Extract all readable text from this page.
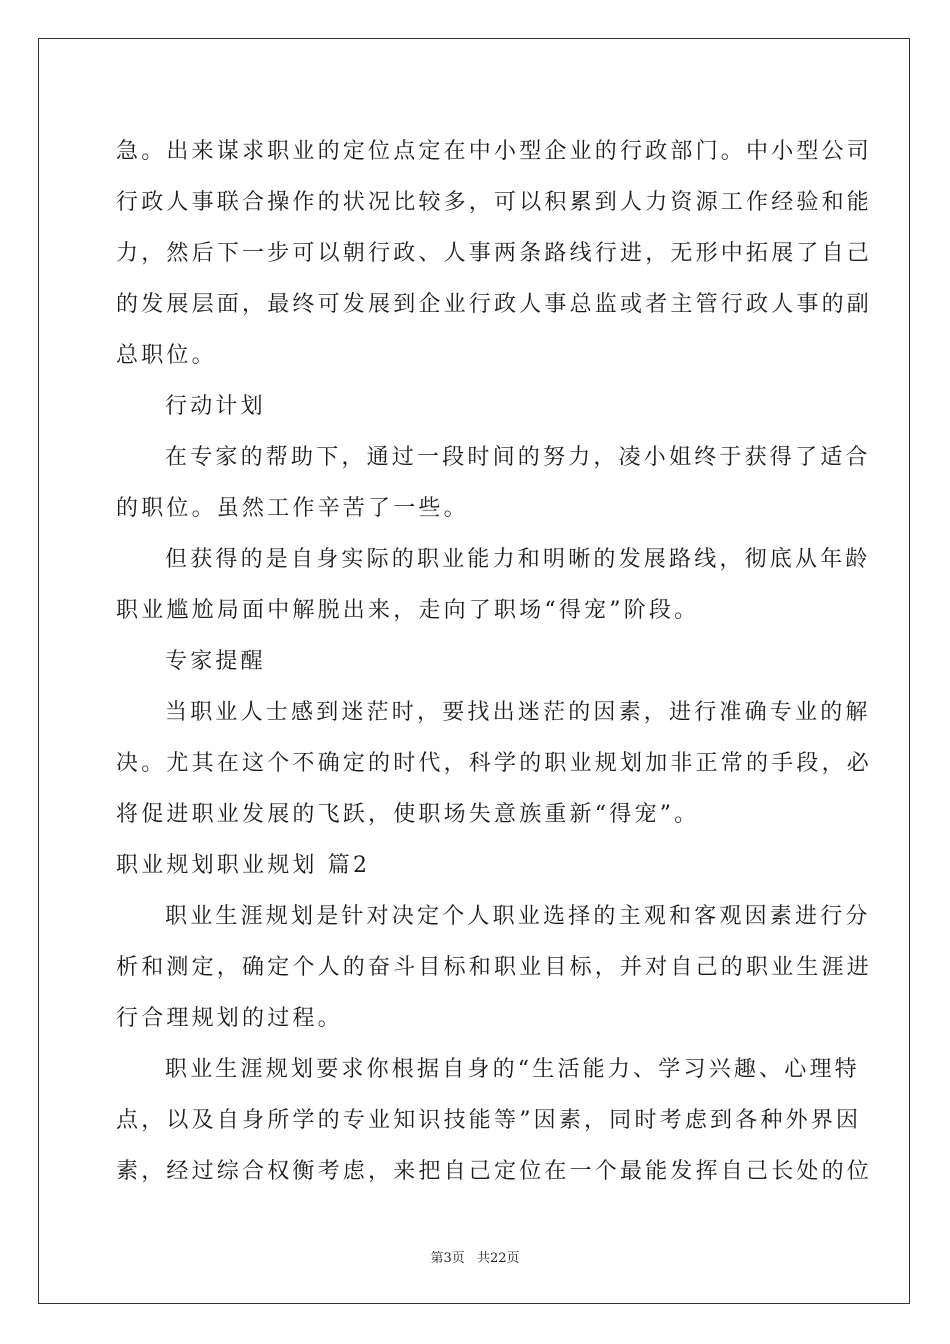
急。出来谋求职业的定位点定在中小型企业的行政部门。中小型公司
行政人事联合操作的状况比较多，可以积累到人力资源工作经验和能
力，然后下一步可以朝行政、人事两条路线行进，无形中拓展了自己
的发展层面，最终可发展到企业行政人事总监或者主管行政人事的副
总职位。
行动计划
在专家的帮助下，通过一段时间的努力，凌小姐终于获得了适合
的职位。虽然工作辛苦了一些。
但获得的是自身实际的职业能力和明晰的发展路线，彻底从年龄
职业尴尬局面中解脱出来，走向了职场“得宠”阶段。
专家提醒
当职业人士感到迷茫时，要找出迷茫的因素，进行准确专业的解
决。尤其在这个不确定的时代，科学的职业规划加非正常的手段，必
将促进职业发展的飞跃，使职场失意族重新“得宠”。
职业规划职业规划 篇2
职业生涯规划是针对决定个人职业选择的主观和客观因素进行分
析和测定，确定个人的奋斗目标和职业目标，并对自己的职业生涯进
行合理规划的过程。
职业生涯规划要求你根据自身的“生活能力、学习兴趣、心理特
点，以及自身所学的专业知识技能等”因素，同时考虑到各种外界因
素，经过综合权衡考虑，来把自己定位在一个最能发挥自己长处的位
第3页 共22页
